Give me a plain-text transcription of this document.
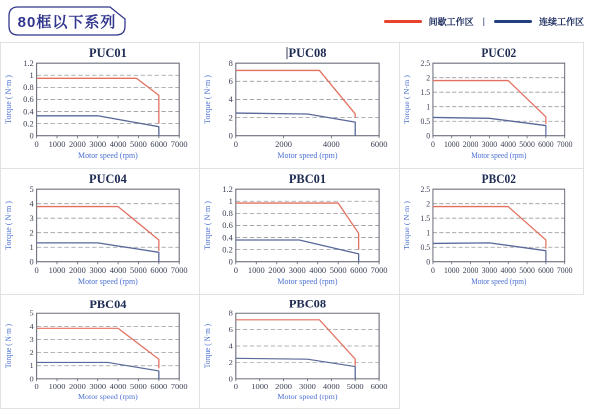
80框以下系列	间歇工作区 |	连续工作区
0
0.2
0.4
0.6
0.8
1
1.2
0 1000 2000 3000 4000 5000 6000 7000
Motor speed (rpm)
Torque ( N·m )
PUC01
0
2
4
6
8
0	2000	4000	6000
Motor speed (rpm)
Torque ( N·m )
PUC08
0
0.5
1
1.5
2
2.5
0 1000 2000 3000 4000 5000 6000 7000
Motor speed (rpm)
Torque ( N·m )
PUC02
0
1
2
3
4
5
0 1000 2000 3000 4000 5000 6000 7000
Motor speed (rpm)
Torque ( N·m )
PUC04
0
0.2
0.4
0.6
0.8
1
1.2
0 1000 2000 3000 4000 5000 6000 7000
Motor speed (rpm)
Torque ( N·m )
PBC01
0
0.5
1
1.5
2
2.5
0 1000 2000 3000 4000 5000 6000 7000
Motor speed (rpm)
Torque ( N·m )
PBC02
0
1
2
3
4
5
0 1000 2000 3000 4000 5000 6000 7000
Motor speed (rpm)
Torque ( N·m )
PBC04
0
2
4
6
8
0 1000 2000 3000 4000 5000 6000
Motor speed (rpm)
Torque ( N·m )
PBC08
